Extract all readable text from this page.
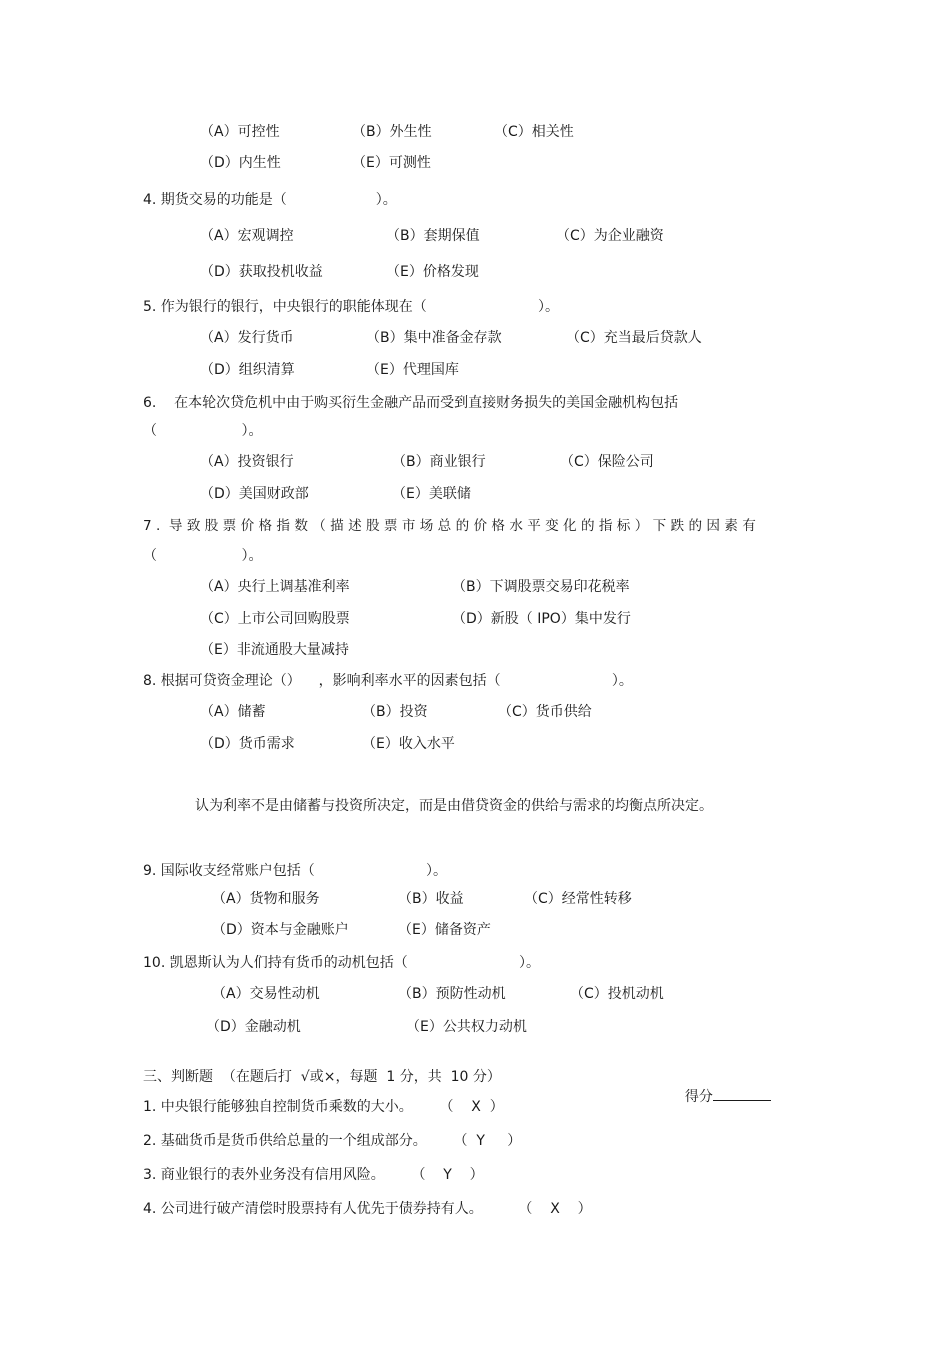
（A）可控性	（B）外生性	（C）相关性
（D）内生性	（E）可测性
4. 期货交易的功能是（                    ）。
（A）宏观调控	（B）套期保值	（C）为企业融资
（D）获取投机收益	（E）价格发现
5. 作为银行的银行，中央银行的职能体现在（                         ）。
（A）发行货币	（B）集中准备金存款	（C）充当最后贷款人
（D）组织清算	（E）代理国库
6.    在本轮次贷危机中由于购买衍生金融产品而受到直接财务损失的美国金融机构包括
（                   ）。
（A）投资银行	（B）商业银行	（C）保险公司
（D）美国财政部	（E）美联储
7 .  导 致 股 票 价 格 指 数 （ 描 述 股 票 市 场 总 的 价 格 水 平 变 化 的 指 标 ） 下 跌 的 因 素 有
（                   ）。
（A）央行上调基准利率	（B）下调股票交易印花税率
（C）上市公司回购股票	（D）新股（ IPO）集中发行
（E）非流通股大量减持
8. 根据可贷资金理论（）    ，影响利率水平的因素包括（                         ）。
（A）储蓄	（B）投资	（C）货币供给
（D）货币需求	（E）收入水平
认为利率不是由储蓄与投资所决定，而是由借贷资金的供给与需求的均衡点所决定。
9. 国际收支经常账户包括（                         ）。
（A）货物和服务	（B）收益	（C）经常性转移
（D）资本与金融账户	（E）储备资产
10. 凯恩斯认为人们持有货币的动机包括（                         ）。
（A）交易性动机	（B）预防性动机	（C）投机动机
（D）金融动机	（E）公共权力动机
三、判断题  （在题后打  √或×，每题  1 分，共  10 分）

得分

1. 中央银行能够独自控制货币乘数的大小。      （    X  ）
2. 基础货币是货币供给总量的一个组成部分。      （  Y     ）
3. 商业银行的表外业务没有信用风险。      （    Y    ）
4. 公司进行破产清偿时股票持有人优先于债券持有人。        （    X    ）
